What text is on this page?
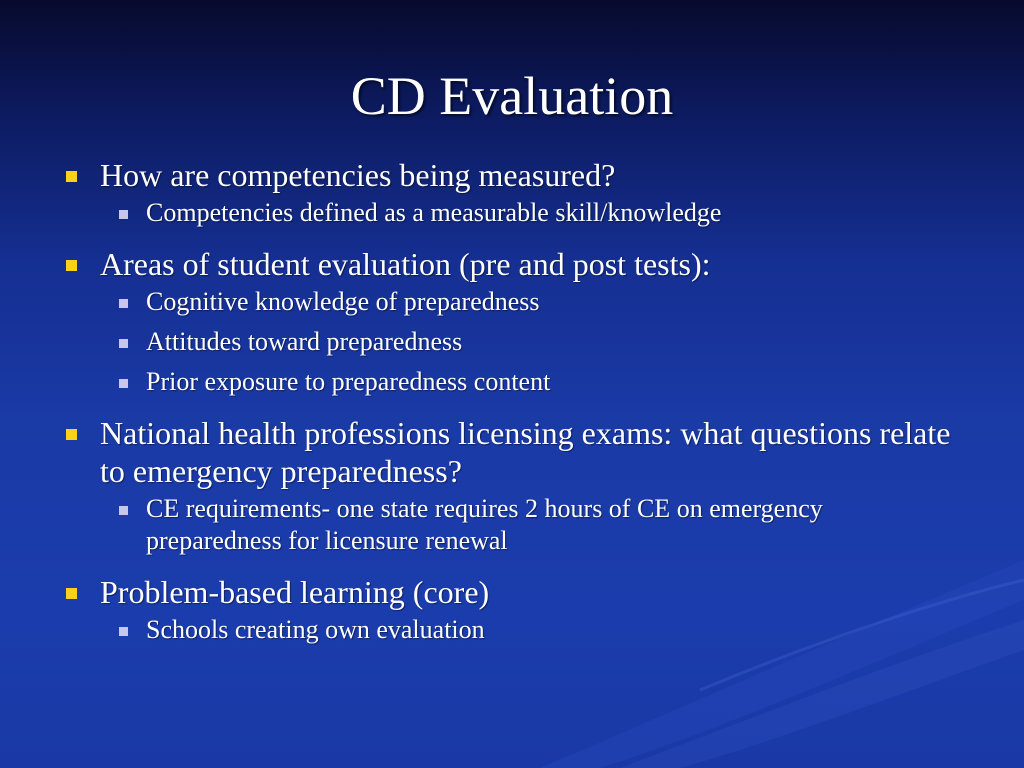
CD Evaluation
How are competencies being measured?
Competencies defined as a measurable skill/knowledge
Areas of student evaluation (pre and post tests):
Cognitive knowledge of preparedness
Attitudes toward preparedness
Prior exposure to preparedness content
National health professions licensing exams: what questions relate to emergency preparedness?
CE requirements- one state requires 2 hours of CE on emergency preparedness for licensure renewal
Problem-based learning (core)
Schools creating own evaluation
